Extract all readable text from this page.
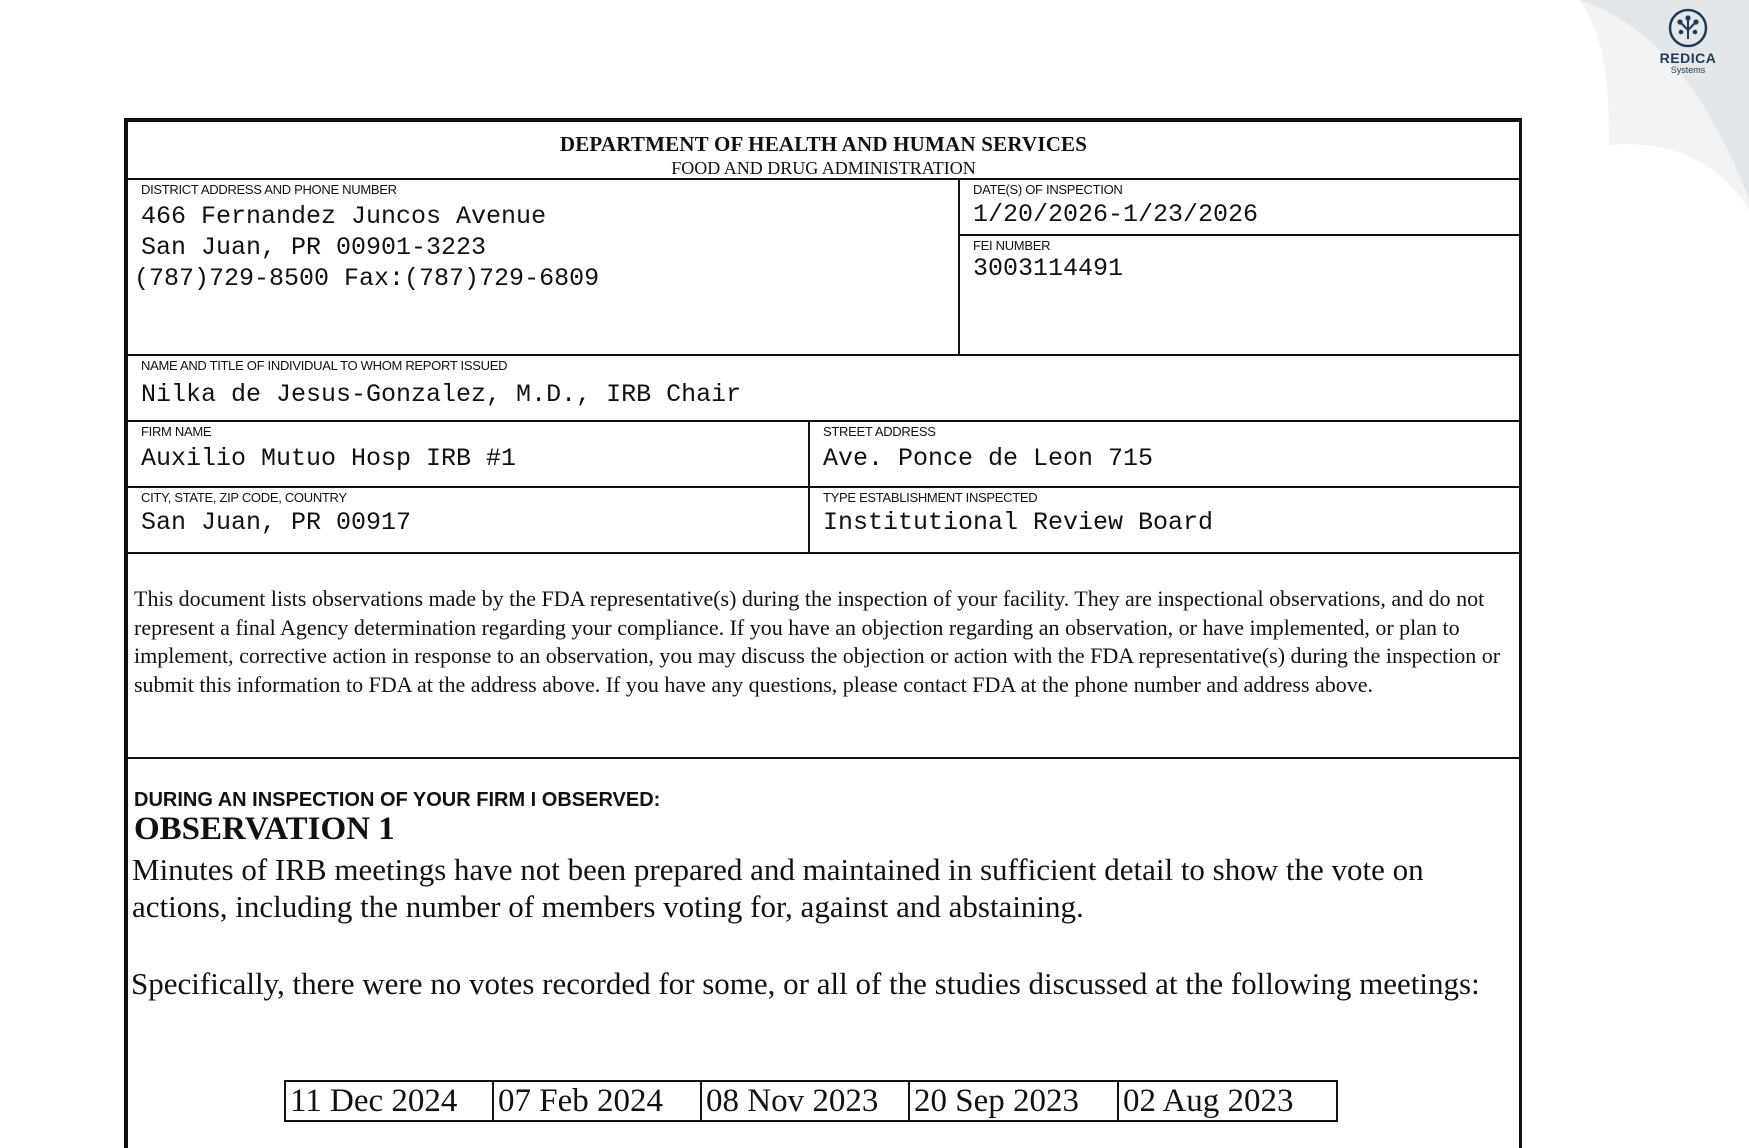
REDICA
Systems
DEPARTMENT OF HEALTH AND HUMAN SERVICES
FOOD AND DRUG ADMINISTRATION
DISTRICT ADDRESS AND PHONE NUMBER
466 Fernandez Juncos Avenue
San Juan, PR 00901-3223
(787)729-8500 Fax:(787)729-6809
DATE(S) OF INSPECTION
1/20/2026-1/23/2026
FEI NUMBER
3003114491
NAME AND TITLE OF INDIVIDUAL TO WHOM REPORT ISSUED
Nilka de Jesus-Gonzalez, M.D., IRB Chair
FIRM NAME
Auxilio Mutuo Hosp IRB #1
STREET ADDRESS
Ave. Ponce de Leon 715
CITY, STATE, ZIP CODE, COUNTRY
San Juan, PR 00917
TYPE ESTABLISHMENT INSPECTED
Institutional Review Board
This document lists observations made by the FDA representative(s) during the inspection of your facility. They are inspectional observations, and do not represent a final Agency determination regarding your compliance. If you have an objection regarding an observation, or have implemented, or plan to implement, corrective action in response to an observation, you may discuss the objection or action with the FDA representative(s) during the inspection or submit this information to FDA at the address above. If you have any questions, please contact FDA at the phone number and address above.
DURING AN INSPECTION OF YOUR FIRM I OBSERVED:
OBSERVATION 1
Minutes of IRB meetings have not been prepared and maintained in sufficient detail to show the vote on actions, including the number of members voting for, against and abstaining.
Specifically, there were no votes recorded for some, or all of the studies discussed at the following meetings:
11 Dec 2024	07 Feb 2024	08 Nov 2023	20 Sep 2023	02 Aug 2023
